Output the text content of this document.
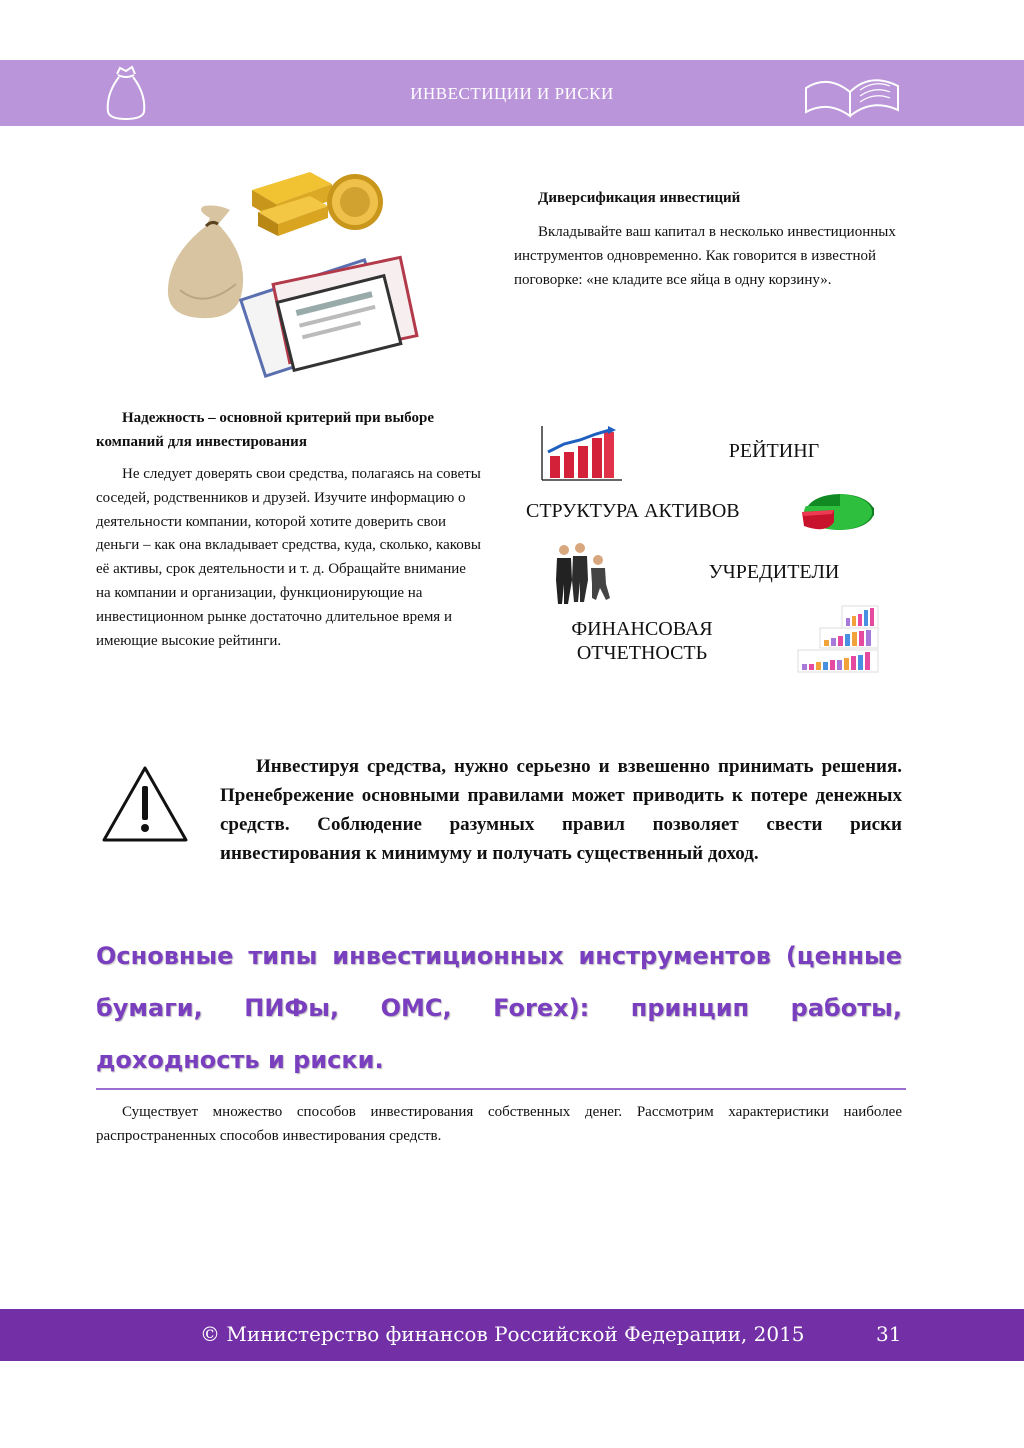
ИНВЕСТИЦИИ И РИСКИ
Диверсификация инвестиций
Вкладывайте ваш капитал в несколько инвестиционных инструментов одновременно. Как говорится в известной поговорке: «не кладите все яйца в одну корзину».
Надежность – основной критерий при выборе компаний для инвестирования
Не следует доверять свои средства, полагаясь на советы соседей, родственников и друзей. Изучите информацию о деятельности компании, которой хотите доверить свои деньги – как она вкладывает средства, куда, сколько, каковы её активы, срок деятельности и т. д. Обращайте внимание на компании и организации, функционирующие на инвестиционном рынке достаточно длительное время и имеющие высокие рейтинги.
РЕЙТИНГ
СТРУКТУРА АКТИВОВ
УЧРЕДИТЕЛИ
ФИНАНСОВАЯ
ОТЧЕТНОСТЬ
Инвестируя средства, нужно серьезно и взвешенно принимать решения. Пренебрежение основными правилами может приводить к потере денежных средств. Соблюдение разумных правил позволяет свести риски инвестирования к минимуму и получать существенный доход.
Основные типы инвестиционных инструментов (ценные бумаги, ПИФы, ОМС, Forex): принцип работы, доходность и риски.
Существует множество способов инвестирования собственных денег. Рассмотрим характеристики наиболее распространенных способов инвестирования средств.
© Министерство финансов Российской Федерации, 2015	31
